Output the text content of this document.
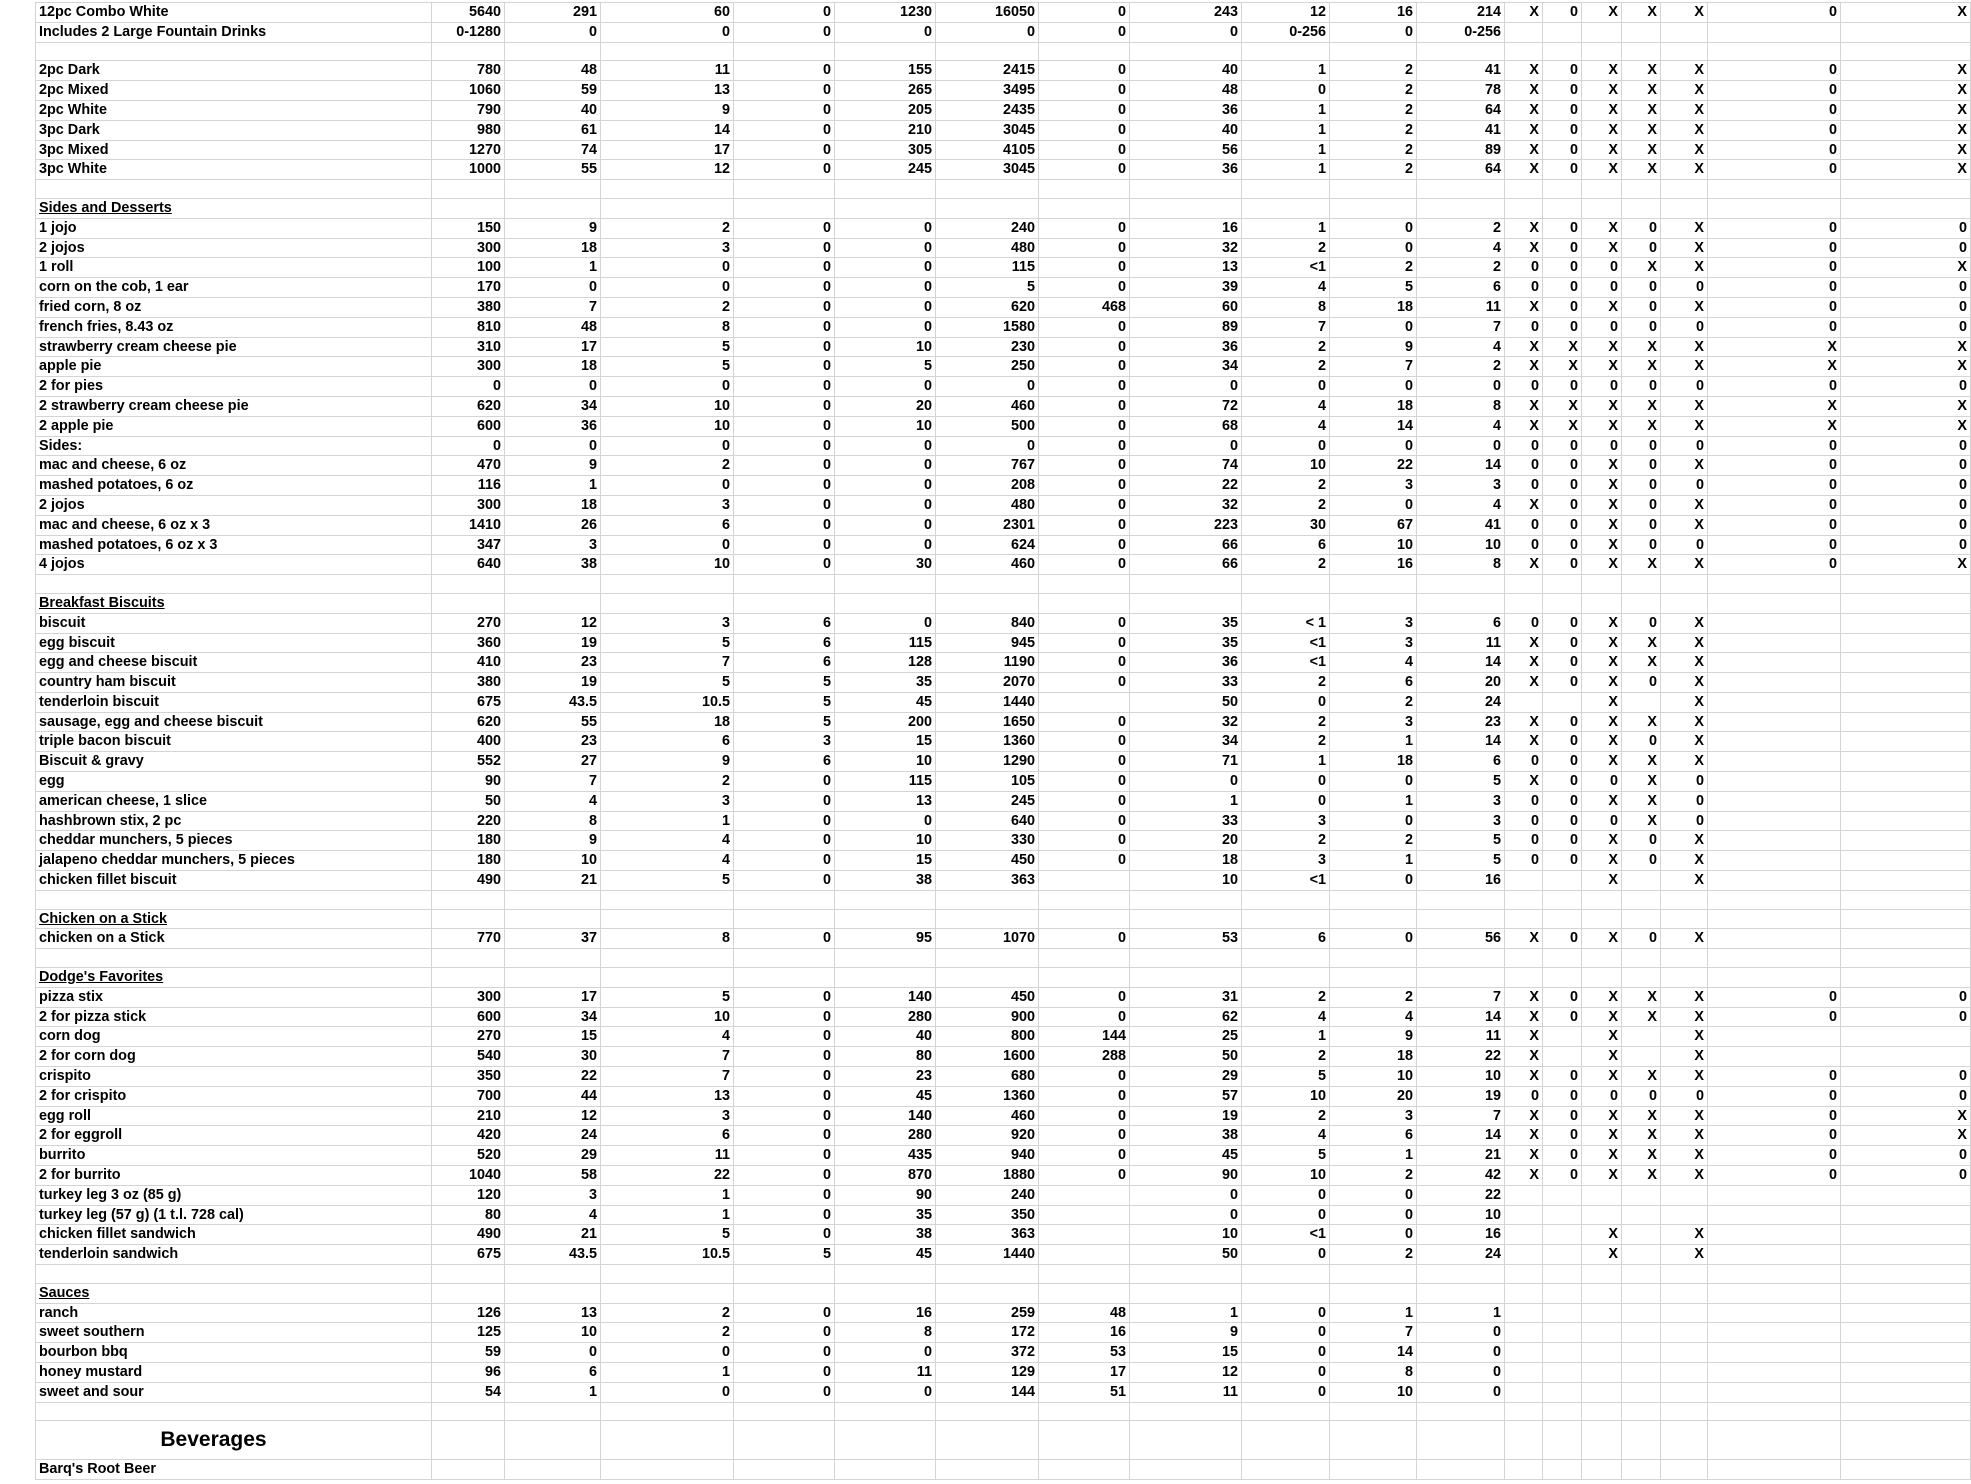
12pc Combo White	5640	291	60	0	1230	16050	0	243	12	16	214	X	0	X	X	X	0	X
Includes 2 Large Fountain Drinks	0-1280	0	0	0	0	0	0	0	0-256	0	0-256							

2pc Dark	780	48	11	0	155	2415	0	40	1	2	41	X	0	X	X	X	0	X
2pc Mixed	1060	59	13	0	265	3495	0	48	0	2	78	X	0	X	X	X	0	X
2pc White	790	40	9	0	205	2435	0	36	1	2	64	X	0	X	X	X	0	X
3pc Dark	980	61	14	0	210	3045	0	40	1	2	41	X	0	X	X	X	0	X
3pc Mixed	1270	74	17	0	305	4105	0	56	1	2	89	X	0	X	X	X	0	X
3pc White	1000	55	12	0	245	3045	0	36	1	2	64	X	0	X	X	X	0	X

Sides and Desserts																		
1 jojo	150	9	2	0	0	240	0	16	1	0	2	X	0	X	0	X	0	0
2 jojos	300	18	3	0	0	480	0	32	2	0	4	X	0	X	0	X	0	0
1 roll	100	1	0	0	0	115	0	13	<1	2	2	0	0	0	X	X	0	X
corn on the cob, 1 ear	170	0	0	0	0	5	0	39	4	5	6	0	0	0	0	0	0	0
fried corn, 8 oz	380	7	2	0	0	620	468	60	8	18	11	X	0	X	0	X	0	0
french fries, 8.43 oz	810	48	8	0	0	1580	0	89	7	0	7	0	0	0	0	0	0	0
strawberry cream cheese pie	310	17	5	0	10	230	0	36	2	9	4	X	X	X	X	X	X	X
apple pie	300	18	5	0	5	250	0	34	2	7	2	X	X	X	X	X	X	X
2 for pies	0	0	0	0	0	0	0	0	0	0	0	0	0	0	0	0	0	0
2 strawberry cream cheese pie	620	34	10	0	20	460	0	72	4	18	8	X	X	X	X	X	X	X
2 apple pie	600	36	10	0	10	500	0	68	4	14	4	X	X	X	X	X	X	X
Sides:	0	0	0	0	0	0	0	0	0	0	0	0	0	0	0	0	0	0
mac and cheese, 6 oz	470	9	2	0	0	767	0	74	10	22	14	0	0	X	0	X	0	0
mashed potatoes, 6 oz	116	1	0	0	0	208	0	22	2	3	3	0	0	X	0	0	0	0
2 jojos	300	18	3	0	0	480	0	32	2	0	4	X	0	X	0	X	0	0
mac and cheese, 6 oz x 3	1410	26	6	0	0	2301	0	223	30	67	41	0	0	X	0	X	0	0
mashed potatoes, 6 oz x 3	347	3	0	0	0	624	0	66	6	10	10	0	0	X	0	0	0	0
4 jojos	640	38	10	0	30	460	0	66	2	16	8	X	0	X	X	X	0	X

Breakfast Biscuits																		
biscuit	270	12	3	6	0	840	0	35	< 1	3	6	0	0	X	0	X		
egg biscuit	360	19	5	6	115	945	0	35	<1	3	11	X	0	X	X	X		
egg and cheese biscuit	410	23	7	6	128	1190	0	36	<1	4	14	X	0	X	X	X		
country ham biscuit	380	19	5	5	35	2070	0	33	2	6	20	X	0	X	0	X		
tenderloin biscuit	675	43.5	10.5	5	45	1440		50	0	2	24			X		X		
sausage, egg and cheese biscuit	620	55	18	5	200	1650	0	32	2	3	23	X	0	X	X	X		
triple bacon biscuit	400	23	6	3	15	1360	0	34	2	1	14	X	0	X	0	X		
Biscuit & gravy	552	27	9	6	10	1290	0	71	1	18	6	0	0	X	X	X		
egg	90	7	2	0	115	105	0	0	0	0	5	X	0	0	X	0		
american cheese, 1 slice	50	4	3	0	13	245	0	1	0	1	3	0	0	X	X	0		
hashbrown stix, 2 pc	220	8	1	0	0	640	0	33	3	0	3	0	0	0	X	0		
cheddar munchers, 5 pieces	180	9	4	0	10	330	0	20	2	2	5	0	0	X	0	X		
jalapeno cheddar munchers, 5 pieces	180	10	4	0	15	450	0	18	3	1	5	0	0	X	0	X		
chicken fillet biscuit	490	21	5	0	38	363		10	<1	0	16			X		X		

Chicken on a Stick																		
chicken on a Stick	770	37	8	0	95	1070	0	53	6	0	56	X	0	X	0	X		

Dodge's Favorites																		
pizza stix	300	17	5	0	140	450	0	31	2	2	7	X	0	X	X	X	0	0
2 for pizza stick	600	34	10	0	280	900	0	62	4	4	14	X	0	X	X	X	0	0
corn dog	270	15	4	0	40	800	144	25	1	9	11	X		X		X		
2 for corn dog	540	30	7	0	80	1600	288	50	2	18	22	X		X		X		
crispito	350	22	7	0	23	680	0	29	5	10	10	X	0	X	X	X	0	0
2 for crispito	700	44	13	0	45	1360	0	57	10	20	19	0	0	0	0	0	0	0
egg roll	210	12	3	0	140	460	0	19	2	3	7	X	0	X	X	X	0	X
2 for eggroll	420	24	6	0	280	920	0	38	4	6	14	X	0	X	X	X	0	X
burrito	520	29	11	0	435	940	0	45	5	1	21	X	0	X	X	X	0	0
2 for burrito	1040	58	22	0	870	1880	0	90	10	2	42	X	0	X	X	X	0	0
turkey leg 3 oz (85 g)	120	3	1	0	90	240		0	0	0	22							
turkey leg (57 g) (1 t.l. 728 cal)	80	4	1	0	35	350		0	0	0	10							
chicken fillet sandwich	490	21	5	0	38	363		10	<1	0	16			X		X		
tenderloin sandwich	675	43.5	10.5	5	45	1440		50	0	2	24			X		X		

Sauces																		
ranch	126	13	2	0	16	259	48	1	0	1	1							
sweet southern	125	10	2	0	8	172	16	9	0	7	0							
bourbon bbq	59	0	0	0	0	372	53	15	0	14	0							
honey mustard	96	6	1	0	11	129	17	12	0	8	0							
sweet and sour	54	1	0	0	0	144	51	11	0	10	0							

Beverages																		
Barq's Root Beer																		
